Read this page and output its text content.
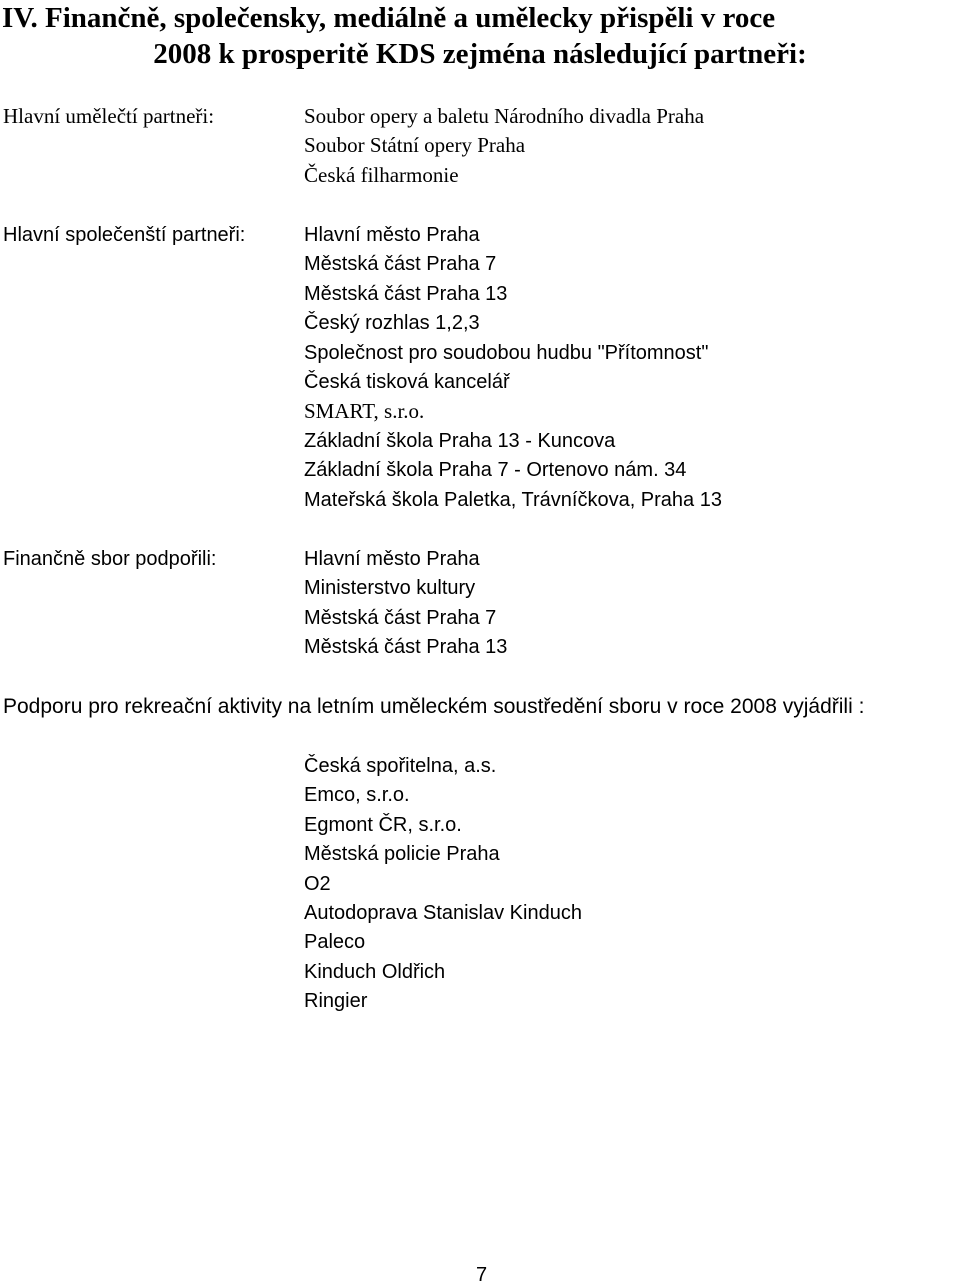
IV. Finančně, společensky, mediálně a umělecky přispěli v roce
2008 k prosperitě KDS zejména následující partneři:
Hlavní umělečtí partneři:	Soubor opery a baletu Národního divadla Praha
Soubor Státní opery Praha
Česká filharmonie
Hlavní společenští partneři:	Hlavní město Praha
Městská část Praha 7
Městská část Praha 13
Český rozhlas 1,2,3
Společnost pro soudobou hudbu "Přítomnost"
Česká tisková kancelář
SMART, s.r.o.
Základní škola Praha 13 - Kuncova
Základní škola Praha 7 - Ortenovo nám. 34
Mateřská škola Paletka, Trávníčkova, Praha 13
Finančně sbor podpořili:	Hlavní město Praha
Ministerstvo kultury
Městská část Praha 7
Městská část Praha 13
Podporu pro rekreační aktivity na letním uměleckém soustředění sboru v roce 2008 vyjádřili :
Česká spořitelna, a.s.
Emco, s.r.o.
Egmont ČR, s.r.o.
Městská policie Praha
O2
Autodoprava Stanislav Kinduch
Paleco
Kinduch Oldřich
Ringier
7
